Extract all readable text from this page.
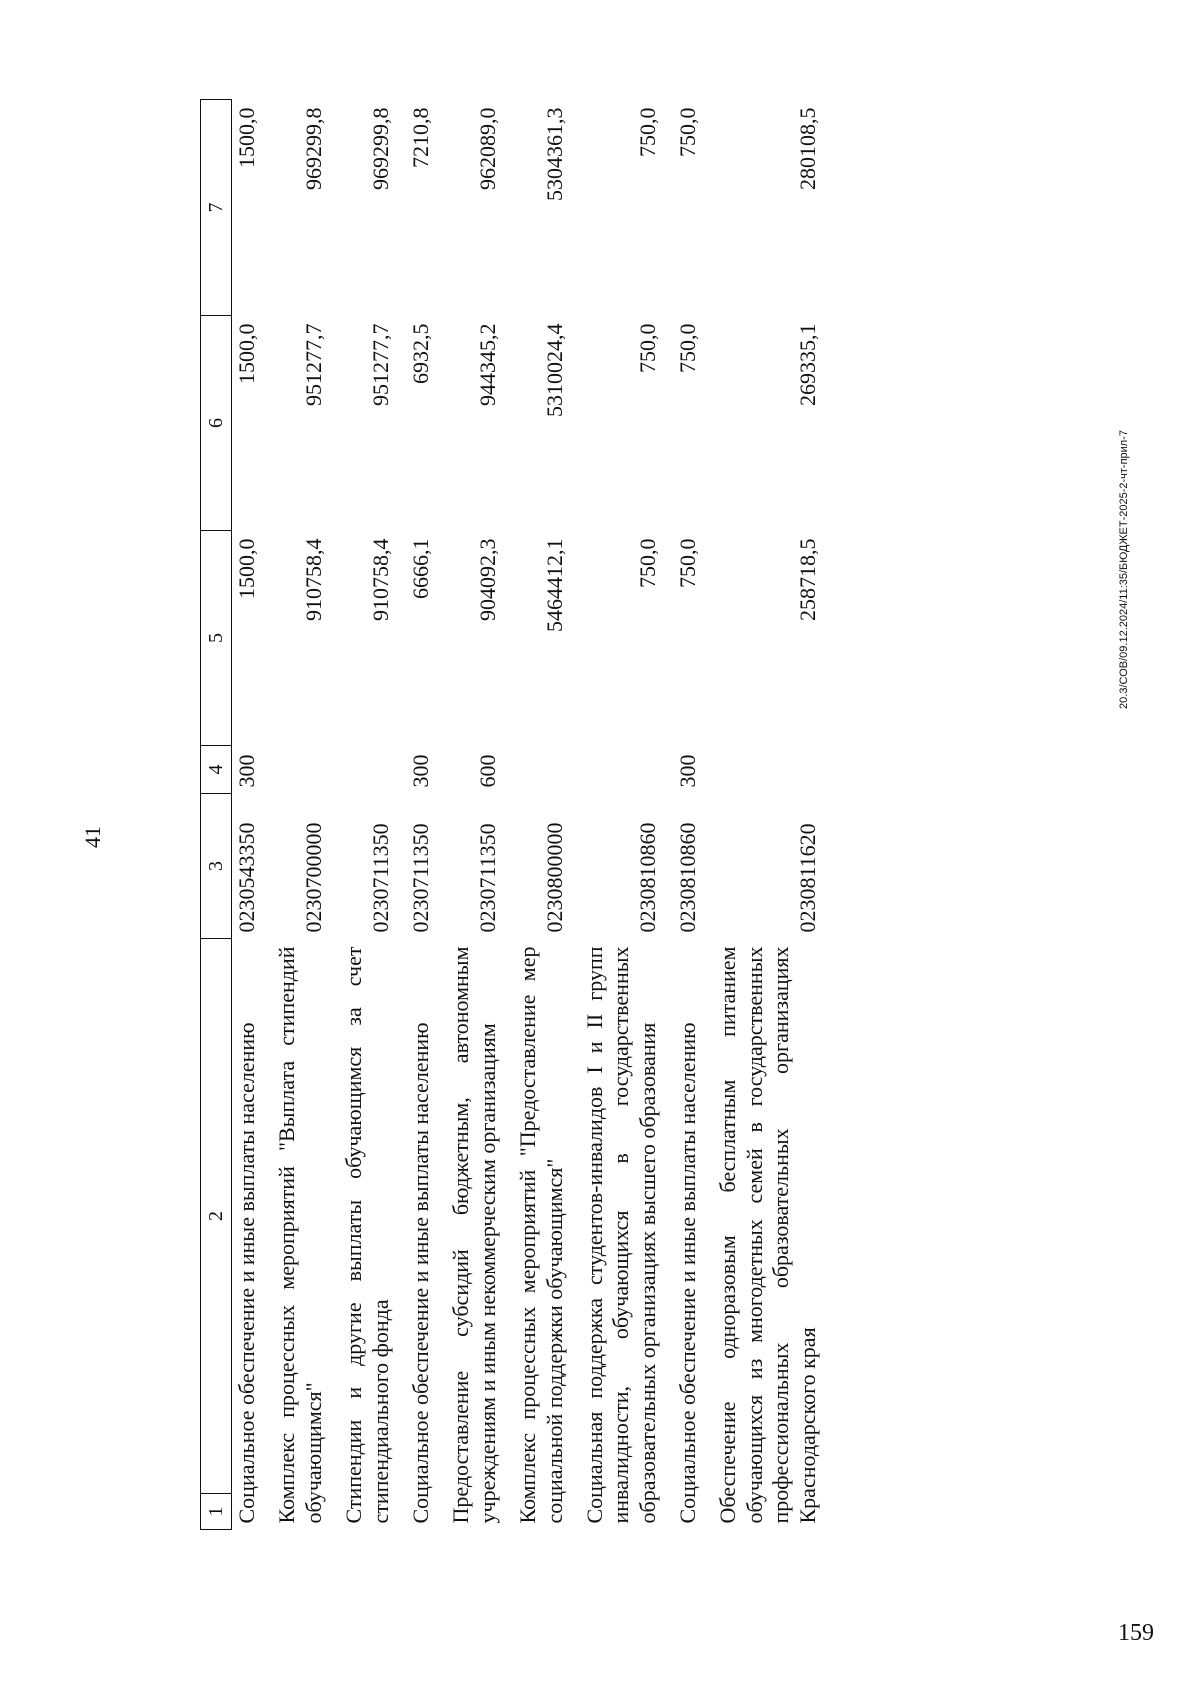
41
1	2	3	4	5	6	7
Социальное обеспечение и иные выплаты населению		0230543350	300	1500,0	1500,0	1500,0
Комплекс процессных мероприятий "Выплата стипендий обучающимся"		0230700000		910758,4	951277,7	969299,8
Стипендии и другие выплаты обучающимся за счет стипендиального фонда		0230711350		910758,4	951277,7	969299,8
Социальное обеспечение и иные выплаты населению		0230711350	300	6666,1	6932,5	7210,8
Предоставление субсидий бюджетным, автономным учреждениям и иным некоммерческим организациям		0230711350	600	904092,3	944345,2	962089,0
Комплекс процессных мероприятий "Предоставление мер социальной поддержки обучающимся"		0230800000		5464412,1	5310024,4	5304361,3
Социальная поддержка студентов-инвалидов I и II групп инвалидности, обучающихся в государственных образовательных организациях высшего образования		0230810860		750,0	750,0	750,0
Социальное обеспечение и иные выплаты населению		0230810860	300	750,0	750,0	750,0
Обеспечение одноразовым бесплатным питанием обучающихся из многодетных семей в государственных профессиональных образовательных организациях Краснодарского края		0230811620		258718,5	269335,1	280108,5
20.3/СОВ/09.12.2024/11:35/БЮДЖЕТ-2025-2-чт-прил-7
159
